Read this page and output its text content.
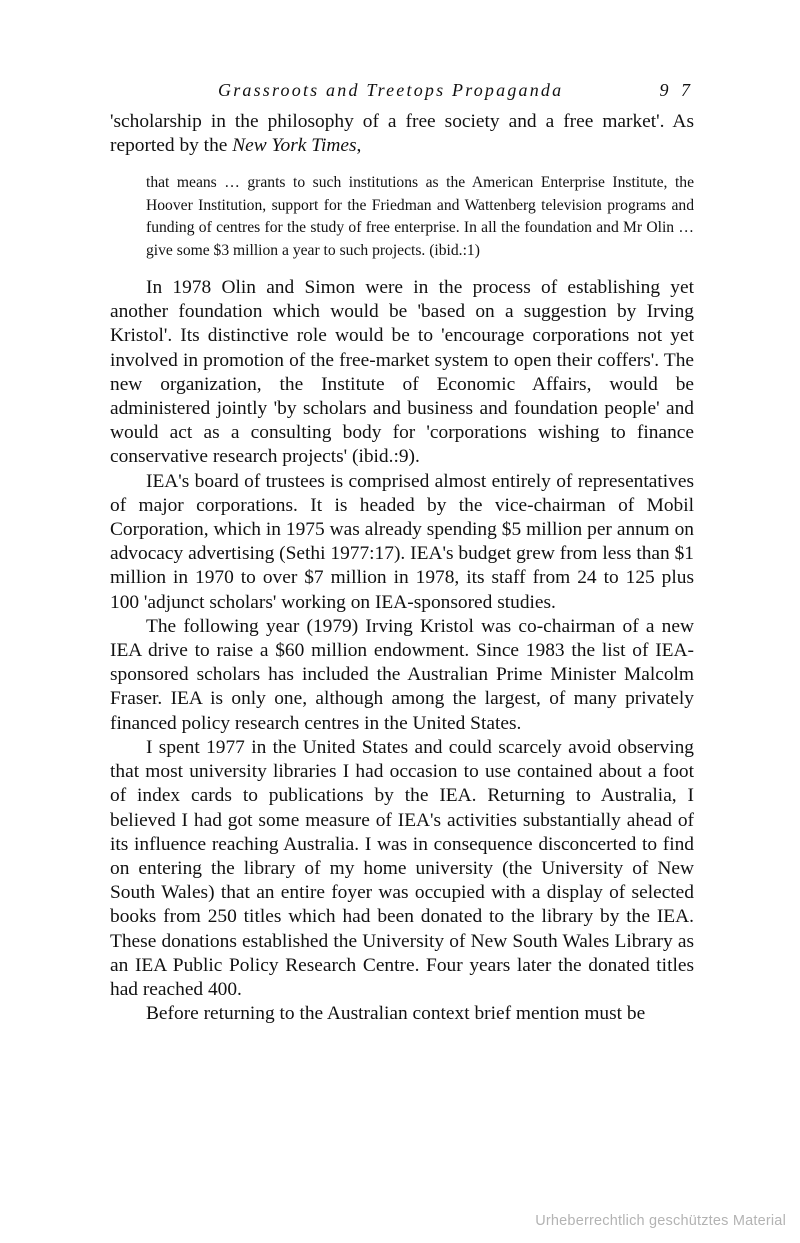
Grassroots and Treetops Propaganda	9 7

'scholarship in the philosophy of a free society and a free market'. As reported by the New York Times,

that means … grants to such institutions as the American Enterprise Institute, the Hoover Institution, support for the Friedman and Wattenberg television programs and funding of centres for the study of free enterprise. In all the foundation and Mr Olin … give some $3 million a year to such projects. (ibid.:1)

In 1978 Olin and Simon were in the process of establishing yet another foundation which would be 'based on a suggestion by Irving Kristol'. Its distinctive role would be to 'encourage corporations not yet involved in promotion of the free-market system to open their coffers'. The new organization, the Institute of Economic Affairs, would be administered jointly 'by scholars and business and foundation people' and would act as a consulting body for 'corporations wishing to finance conservative research projects' (ibid.:9).

IEA's board of trustees is comprised almost entirely of representatives of major corporations. It is headed by the vice-chairman of Mobil Corporation, which in 1975 was already spending $5 million per annum on advocacy advertising (Sethi 1977:17). IEA's budget grew from less than $1 million in 1970 to over $7 million in 1978, its staff from 24 to 125 plus 100 'adjunct scholars' working on IEA-sponsored studies.

The following year (1979) Irving Kristol was co-chairman of a new IEA drive to raise a $60 million endowment. Since 1983 the list of IEA-sponsored scholars has included the Australian Prime Minister Malcolm Fraser. IEA is only one, although among the largest, of many privately financed policy research centres in the United States.

I spent 1977 in the United States and could scarcely avoid observing that most university libraries I had occasion to use contained about a foot of index cards to publications by the IEA. Returning to Australia, I believed I had got some measure of IEA's activities substantially ahead of its influence reaching Australia. I was in consequence disconcerted to find on entering the library of my home university (the University of New South Wales) that an entire foyer was occupied with a display of selected books from 250 titles which had been donated to the library by the IEA. These donations established the University of New South Wales Library as an IEA Public Policy Research Centre. Four years later the donated titles had reached 400.

Before returning to the Australian context brief mention must be

Urheberrechtlich geschütztes Material
